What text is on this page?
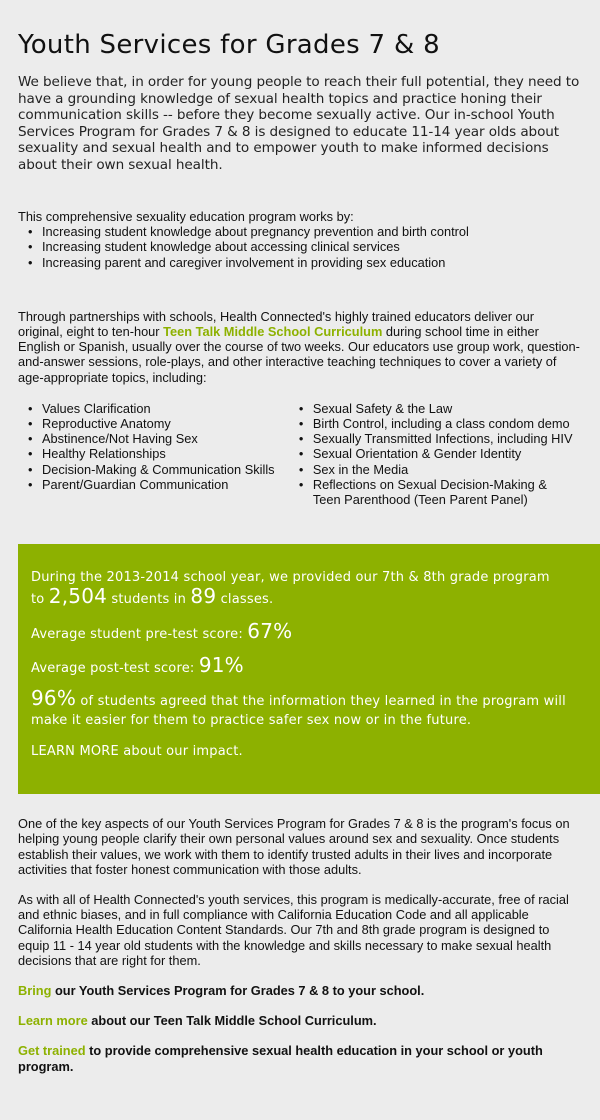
Youth Services for Grades 7 & 8

We believe that, in order for young people to reach their full potential, they need to have a grounding knowledge of sexual health topics and practice honing their communication skills -- before they become sexually active. Our in-school Youth Services Program for Grades 7 & 8 is designed to educate 11-14 year olds about sexuality and sexual health and to empower youth to make informed decisions about their own sexual health.

This comprehensive sexuality education program works by:

• Increasing student knowledge about pregnancy prevention and birth control
• Increasing student knowledge about accessing clinical services
• Increasing parent and caregiver involvement in providing sex education

Through partnerships with schools, Health Connected's highly trained educators deliver our original, eight to ten-hour Teen Talk Middle School Curriculum during school time in either English or Spanish, usually over the course of two weeks. Our educators use group work, question-and-answer sessions, role-plays, and other interactive teaching techniques to cover a variety of age-appropriate topics, including:

• Values Clarification
• Reproductive Anatomy
• Abstinence/Not Having Sex
• Healthy Relationships
• Decision-Making & Communication Skills
• Parent/Guardian Communication
• Sexual Safety & the Law
• Birth Control, including a class condom demo
• Sexually Transmitted Infections, including HIV
• Sexual Orientation & Gender Identity
• Sex in the Media
• Reflections on Sexual Decision-Making & Teen Parenthood (Teen Parent Panel)
During the 2013-2014 school year, we provided our 7th & 8th grade program
to 2,504 students in 89 classes.
Average student pre-test score: 67%
Average post-test score: 91%
96% of students agreed that the information they learned in the program will make it easier for them to practice safer sex now or in the future.
LEARN MORE about our impact.

One of the key aspects of our Youth Services Program for Grades 7 & 8 is the program's focus on helping young people clarify their own personal values around sex and sexuality. Once students establish their values, we work with them to identify trusted adults in their lives and incorporate activities that foster honest communication with those adults.

As with all of Health Connected's youth services, this program is medically-accurate, free of racial and ethnic biases, and in full compliance with California Education Code and all applicable California Health Education Content Standards. Our 7th and 8th grade program is designed to equip 11 - 14 year old students with the knowledge and skills necessary to make sexual health decisions that are right for them.

Bring our Youth Services Program for Grades 7 & 8 to your school.

Learn more about our Teen Talk Middle School Curriculum.

Get trained to provide comprehensive sexual health education in your school or youth program.
